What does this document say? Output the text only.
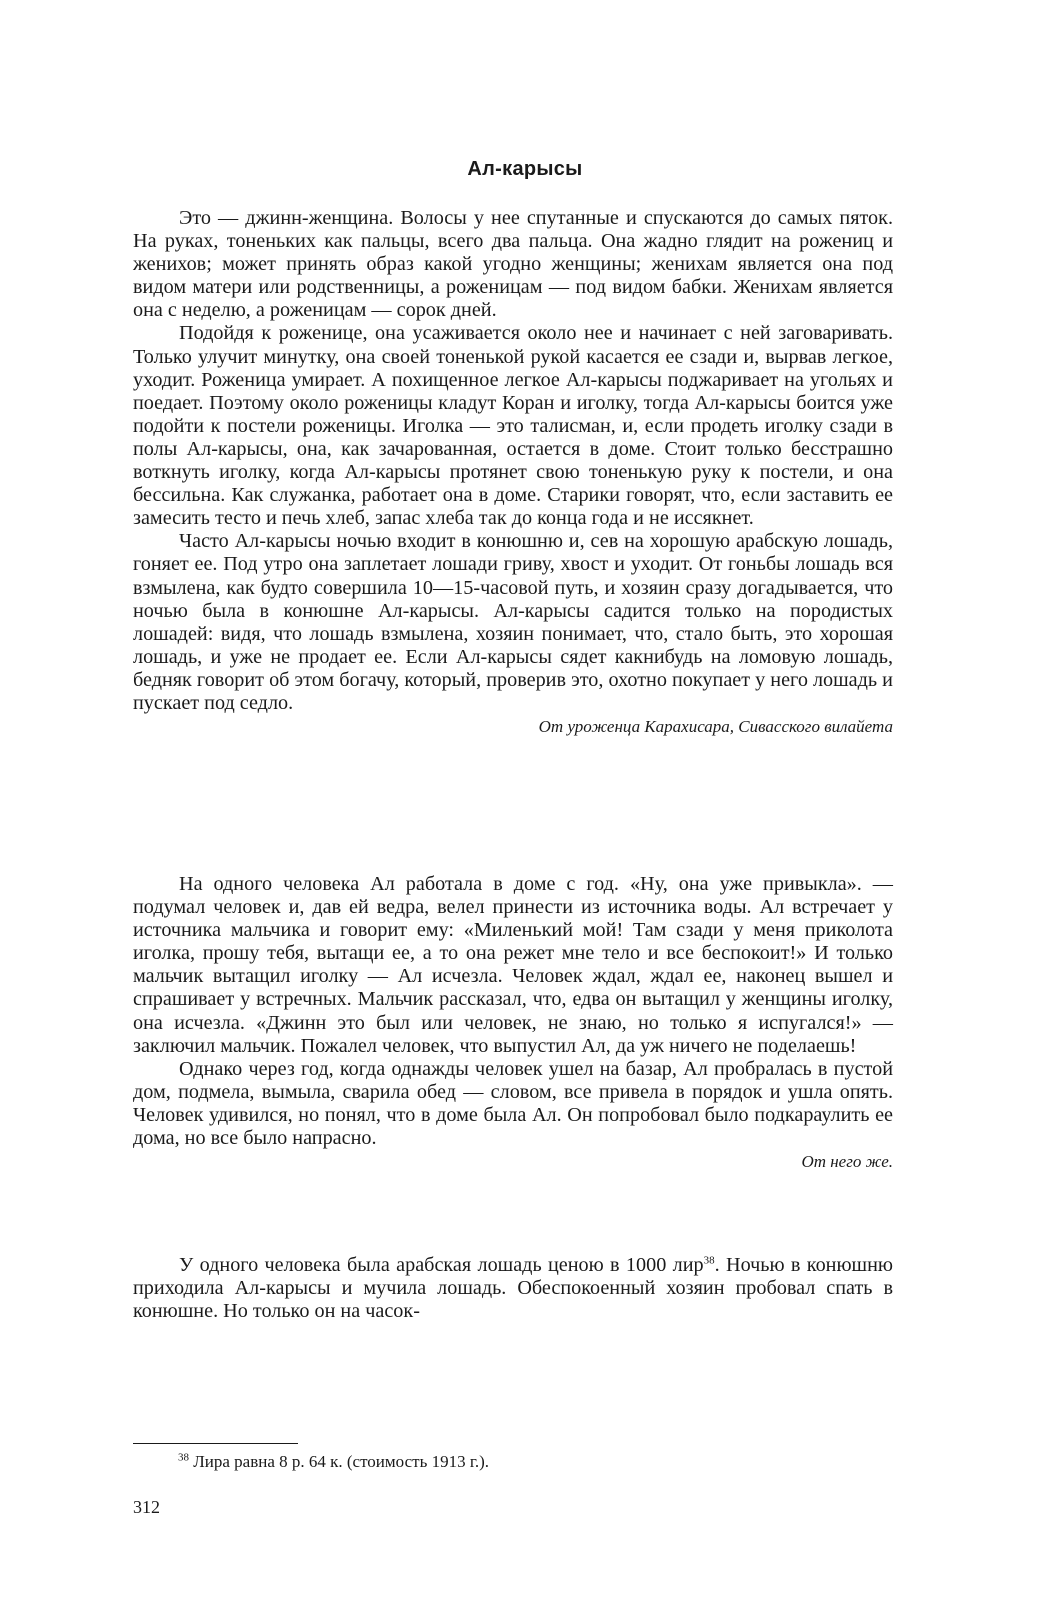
Ал-карысы

Это — джинн-женщина. Волосы у нее спутанные и спускаются до самых пяток. На руках, тоненьких как пальцы, всего два пальца. Она жадно глядит на рожениц и женихов; может принять образ какой угодно женщины; женихам является она под видом матери или родственницы, а роженицам — под видом бабки. Женихам является она с неделю, а роженицам — сорок дней.

Подойдя к роженице, она усаживается около нее и начинает с ней заговаривать. Только улучит минутку, она своей тоненькой рукой касается ее сзади и, вырвав легкое, уходит. Роженица умирает. А похищенное легкое Ал-карысы поджаривает на угольях и поедает. Поэтому около роженицы кладут Коран и иголку, тогда Ал-карысы боится уже подойти к постели роженицы. Иголка — это талисман, и, если продеть иголку сзади в полы Ал-карысы, она, как зачарованная, остается в доме. Стоит только бесстрашно воткнуть иголку, когда Ал-карысы протянет свою тоненькую руку к постели, и она бессильна. Как служанка, работает она в доме. Старики говорят, что, если заставить ее замесить тесто и печь хлеб, запас хлеба так до конца года и не иссякнет.

Часто Ал-карысы ночью входит в конюшню и, сев на хорошую арабскую лошадь, гоняет ее. Под утро она заплетает лошади гриву, хвост и уходит. От гоньбы лошадь вся взмылена, как будто совершила 10—15-часовой путь, и хозяин сразу догадывается, что ночью была в конюшне Ал-карысы. Ал-карысы садится только на породистых лошадей: видя, что лошадь взмылена, хозяин понимает, что, стало быть, это хорошая лошадь, и уже не продает ее. Если Ал-карысы сядет какнибудь на ломовую лошадь, бедняк говорит об этом богачу, который, проверив это, охотно покупает у него лошадь и пускает под седло.

От уроженца Карахисара, Сивасского вилайета

На одного человека Ал работала в доме с год. «Ну, она уже привыкла». — подумал человек и, дав ей ведра, велел принести из источника воды. Ал встречает у источника мальчика и говорит ему: «Миленький мой! Там сзади у меня приколота иголка, прошу тебя, вытащи ее, а то она режет мне тело и все беспокоит!» И только мальчик вытащил иголку — Ал исчезла. Человек ждал, ждал ее, наконец вышел и спрашивает у встречных. Мальчик рассказал, что, едва он вытащил у женщины иголку, она исчезла. «Джинн это был или человек, не знаю, но только я испугался!» — заключил мальчик. Пожалел человек, что выпустил Ал, да уж ничего не поделаешь!

Однако через год, когда однажды человек ушел на базар, Ал пробралась в пустой дом, подмела, вымыла, сварила обед — словом, все привела в порядок и ушла опять. Человек удивился, но понял, что в доме была Ал. Он попробовал было подкараулить ее дома, но все было напрасно.

От него же.

У одного человека была арабская лошадь ценою в 1000 лир$^{38}$. Ночью в конюшню приходила Ал-карысы и мучила лошадь. Обеспокоенный хозяин пробовал спать в конюшне. Но только он на часок-

$^{38}$ Лира равна 8 р. 64 к. (стоимость 1913 г.).
312
